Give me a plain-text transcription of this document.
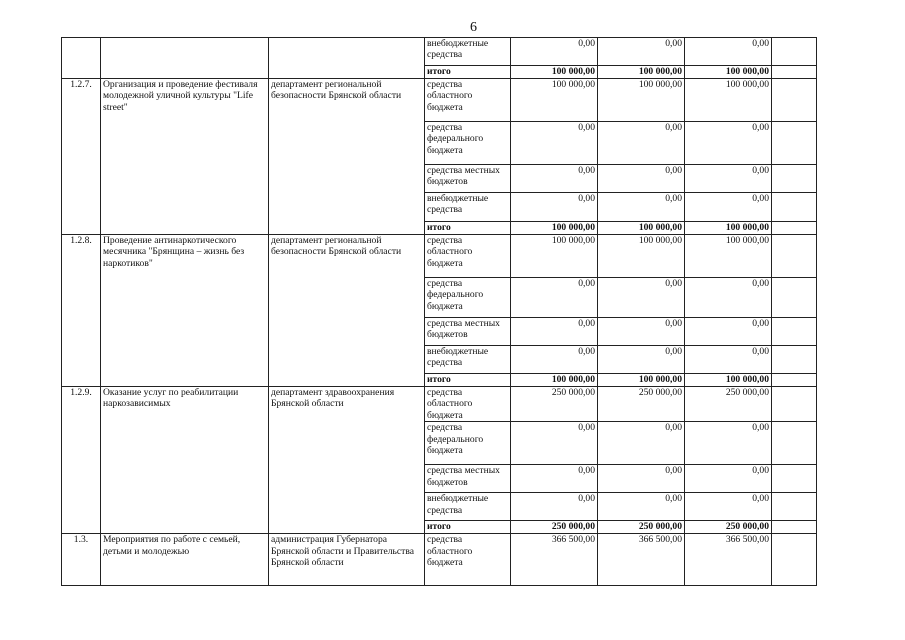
6
			внебюджетные средства	0,00	0,00	0,00	
			итого	100 000,00	100 000,00	100 000,00	
1.2.7.	Организация и проведение фестиваля молодежной уличной культуры "Life street"	департамент региональной безопасности Брянской области	средства областного бюджета	100 000,00	100 000,00	100 000,00	
			средства федерального бюджета	0,00	0,00	0,00	
			средства местных бюджетов	0,00	0,00	0,00	
			внебюджетные средства	0,00	0,00	0,00	
			итого	100 000,00	100 000,00	100 000,00	
1.2.8.	Проведение антинаркотического месячника "Брянщина – жизнь без наркотиков"	департамент региональной безопасности Брянской области	средства областного бюджета	100 000,00	100 000,00	100 000,00	
			средства федерального бюджета	0,00	0,00	0,00	
			средства местных бюджетов	0,00	0,00	0,00	
			внебюджетные средства	0,00	0,00	0,00	
			итого	100 000,00	100 000,00	100 000,00	
1.2.9.	Оказание услуг по реабилитации наркозависимых	департамент здравоохранения Брянской области	средства областного бюджета	250 000,00	250 000,00	250 000,00	
			средства федерального бюджета	0,00	0,00	0,00	
			средства местных бюджетов	0,00	0,00	0,00	
			внебюджетные средства	0,00	0,00	0,00	
			итого	250 000,00	250 000,00	250 000,00	
1.3.	Мероприятия по работе с семьей, детьми и молодежью	администрация Губернатора Брянской области и Правительства Брянской области	средства областного бюджета	366 500,00	366 500,00	366 500,00	
